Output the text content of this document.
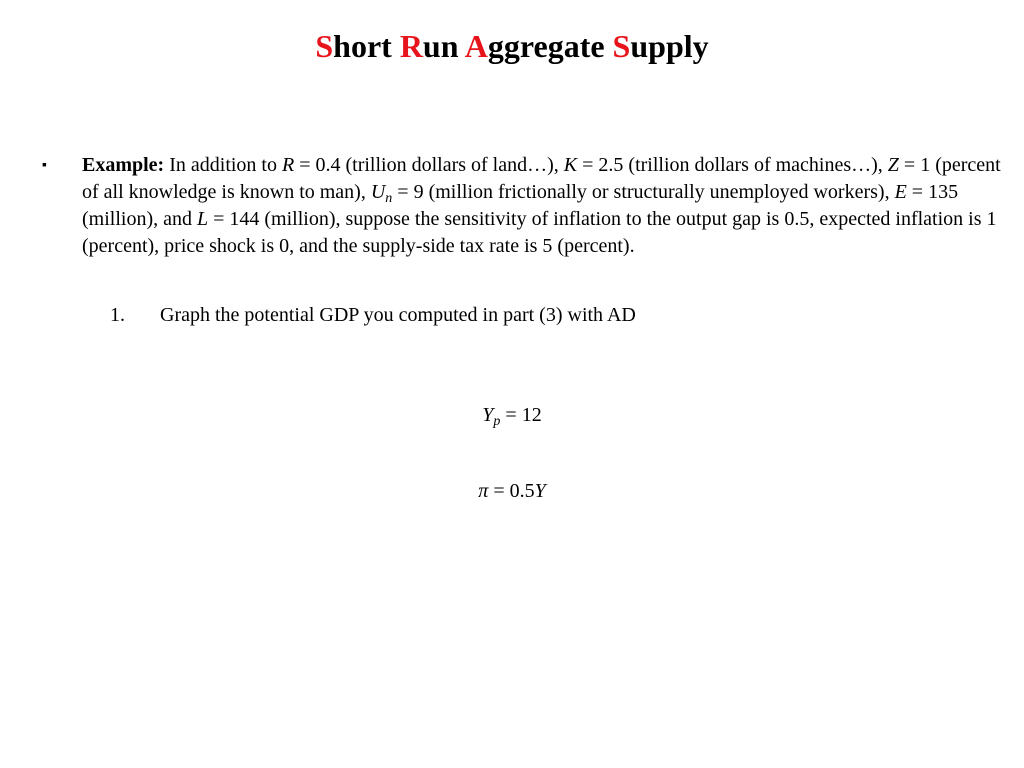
Short Run Aggregate Supply
▪ Example: In addition to R = 0.4 (trillion dollars of land…), K = 2.5 (trillion dollars of machines…), Z = 1 (percent of all knowledge is known to man), $U_n = 9$ (million frictionally or structurally unemployed workers), E = 135 (million), and L = 144 (million), suppose the sensitivity of inflation to the output gap is 0.5, expected inflation is 1 (percent), price shock is 0, and the supply-side tax rate is 5 (percent).
1. Graph the potential GDP you computed in part (3) with AD
$Y_p = 12$
π = 0.5Y
